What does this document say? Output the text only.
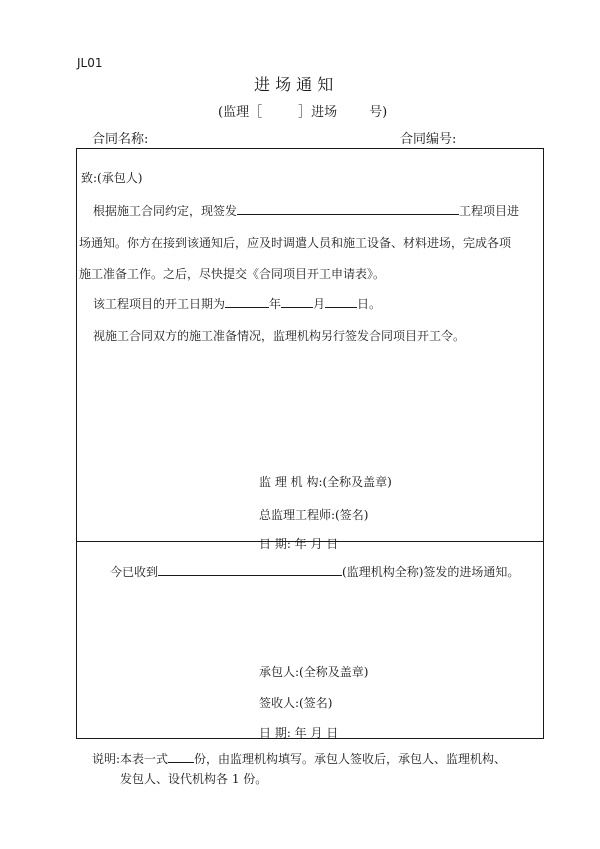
JL01
进 场 通 知
(监理［	］进场 号)
合同名称:	合同编号:
致:(承包人)
根据施工合同约定，现签发	工程项目进
场通知。你方在接到该通知后，应及时调遣人员和施工设备、材料进场，完成各项
施工准备工作。之后，尽快提交《合同项目开工申请表》。
该工程项目的开工日期为	年	月	日。
视施工合同双方的施工准备情况，监理机构另行签发合同项目开工令。
监 理 机 构:(全称及盖章)
总监理工程师:(签名)
日 期: 年 月 日
今已收到	(监理机构全称)签发的进场通知。
承包人:(全称及盖章)
签收人:(签名)
日 期: 年 月 日
说明:本表一式 份，由监理机构填写。承包人签收后，承包人、监理机构、
发包人、设代机构各 1 份。
